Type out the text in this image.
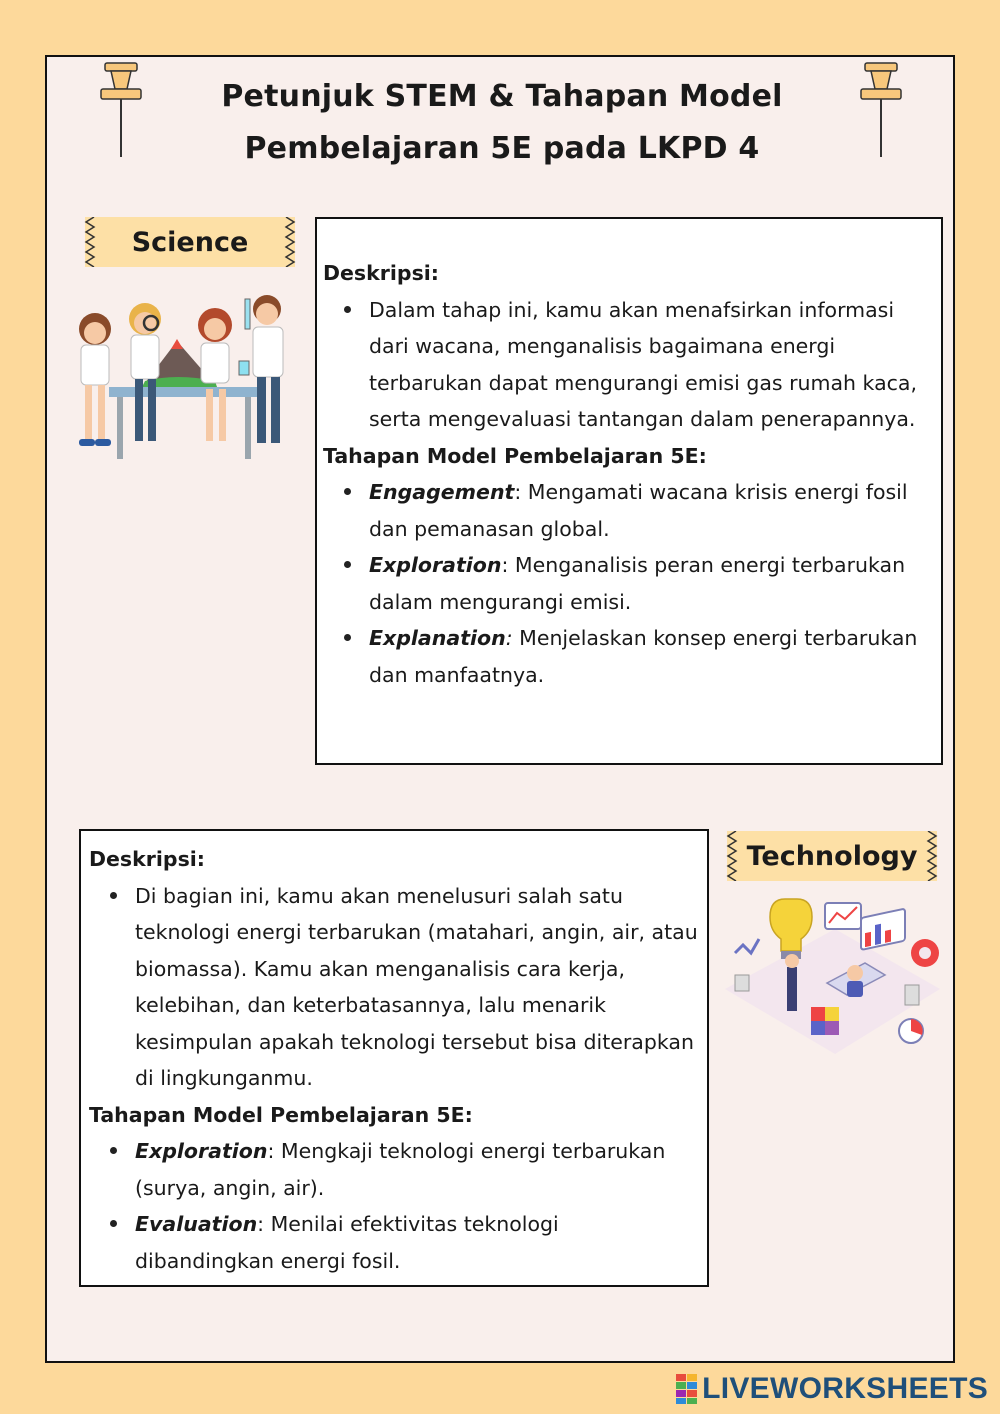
Petunjuk STEM & Tahapan Model
Pembelajaran 5E pada LKPD 4
Science
Deskripsi:
Dalam tahap ini, kamu akan menafsirkan informasi dari wacana, menganalisis bagaimana energi terbarukan dapat mengurangi emisi gas rumah kaca, serta mengevaluasi tantangan dalam penerapannya.
Tahapan Model Pembelajaran 5E:
Engagement: Mengamati wacana krisis energi fosil dan pemanasan global.
Exploration: Menganalisis peran energi terbarukan dalam mengurangi emisi.
Explanation: Menjelaskan konsep energi terbarukan dan manfaatnya.
Deskripsi:
Di bagian ini, kamu akan menelusuri salah satu teknologi energi terbarukan (matahari, angin, air, atau biomassa). Kamu akan menganalisis cara kerja, kelebihan, dan keterbatasannya, lalu menarik kesimpulan apakah teknologi tersebut bisa diterapkan di lingkunganmu.
Tahapan Model Pembelajaran 5E:
Exploration: Mengkaji teknologi energi terbarukan (surya, angin, air).
Evaluation: Menilai efektivitas teknologi dibandingkan energi fosil.
Technology
LIVEWORKSHEETS
